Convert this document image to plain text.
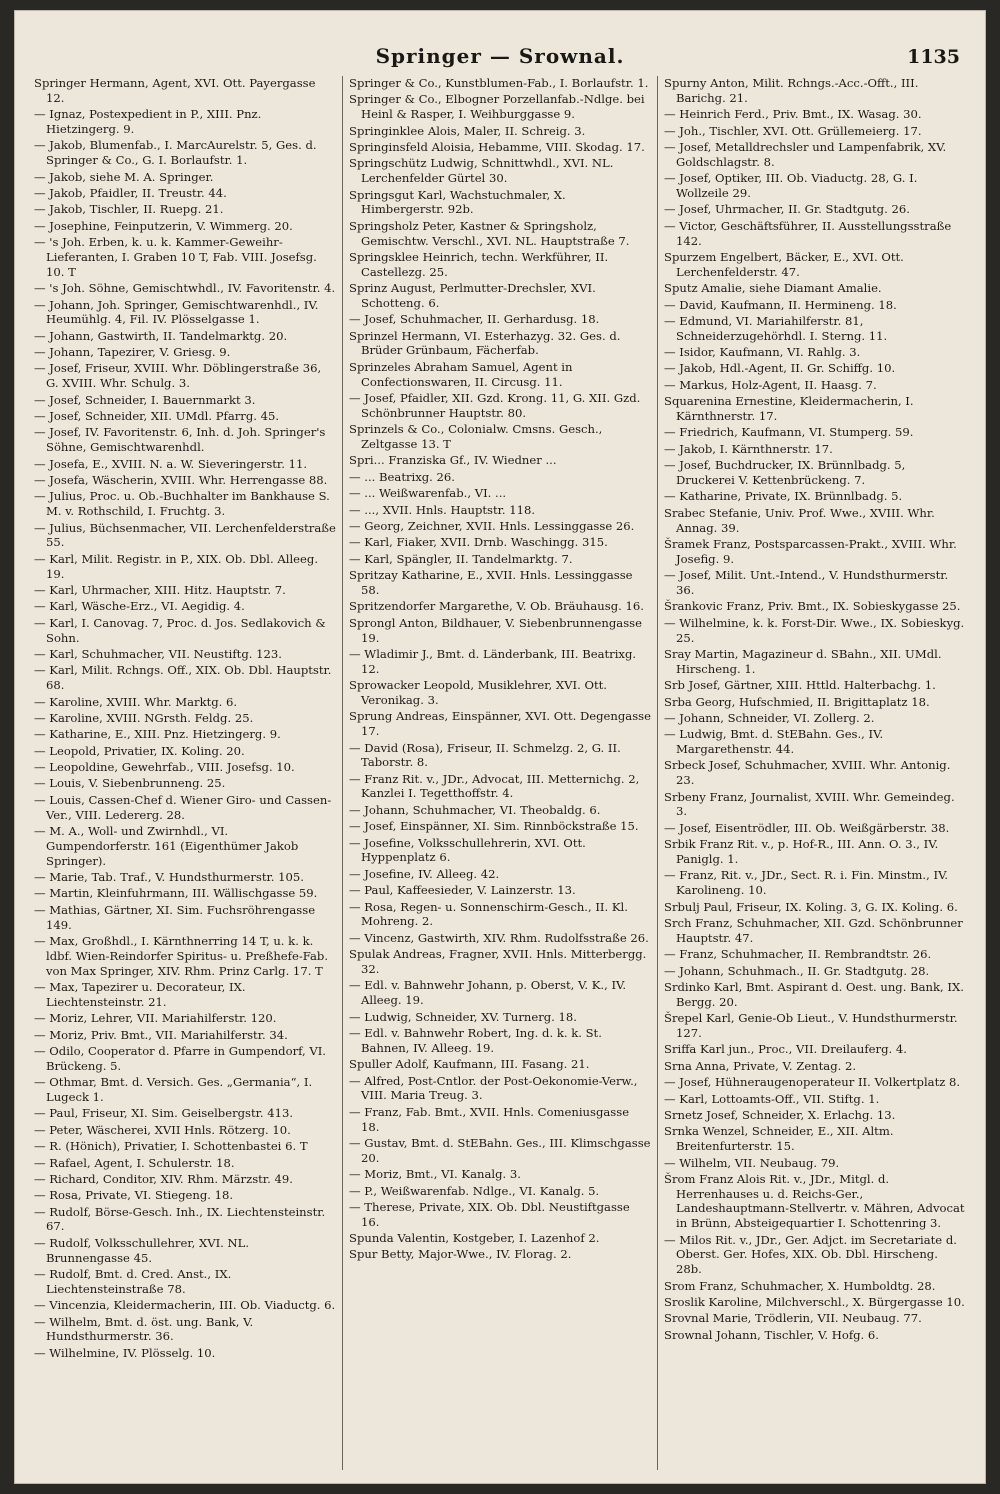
Springer — Srownal.	1135
Springer Hermann, Agent, XVI. Ott. Payergasse 12.
— Ignaz, Postexpedient in P., XIII. Pnz. Hietzingerg. 9.
— Jakob, Blumenfab., I. MarcAurelstr. 5, Ges. d. Springer & Co., G. I. Borlaufstr. 1.
— Jakob, siehe M. A. Springer.
— Jakob, Pfaidler, II. Treustr. 44.
— Jakob, Tischler, II. Ruepg. 21.
— Josephine, Feinputzerin, V. Wimmerg. 20.
— 's Joh. Erben, k. u. k. Kammer-Geweihr-Lieferanten, I. Graben 10 T, Fab. VIII. Josefsg. 10. T
— 's Joh. Söhne, Gemischtwhdl., IV. Favoritenstr. 4.
— Johann, Joh. Springer, Gemischtwarenhdl., IV. Heumühlg. 4, Fil. IV. Plösselgasse 1.
— Johann, Gastwirth, II. Tandelmarktg. 20.
— Johann, Tapezirer, V. Griesg. 9.
— Josef, Friseur, XVIII. Whr. Döblingerstraße 36, G. XVIII. Whr. Schulg. 3.
— Josef, Schneider, I. Bauernmarkt 3.
— Josef, Schneider, XII. UMdl. Pfarrg. 45.
— Josef, IV. Favoritenstr. 6, Inh. d. Joh. Springer's Söhne, Gemischtwarenhdl.
— Josefa, E., XVIII. N. a. W. Sieveringerstr. 11.
— Josefa, Wäscherin, XVIII. Whr. Herrengasse 88.
— Julius, Proc. u. Ob.-Buchhalter im Bankhause S. M. v. Rothschild, I. Fruchtg. 3.
— Julius, Büchsenmacher, VII. Lerchenfelderstraße 55.
— Karl, Milit. Registr. in P., XIX. Ob. Dbl. Alleeg. 19.
— Karl, Uhrmacher, XIII. Hitz. Hauptstr. 7.
— Karl, Wäsche-Erz., VI. Aegidig. 4.
— Karl, I. Canovag. 7, Proc. d. Jos. Sedlakovich & Sohn.
— Karl, Schuhmacher, VII. Neustiftg. 123.
— Karl, Milit. Rchngs. Off., XIX. Ob. Dbl. Hauptstr. 68.
— Karoline, XVIII. Whr. Marktg. 6.
— Karoline, XVIII. NGrsth. Feldg. 25.
— Katharine, E., XIII. Pnz. Hietzingerg. 9.
— Leopold, Privatier, IX. Koling. 20.
— Leopoldine, Gewehrfab., VIII. Josefsg. 10.
— Louis, V. Siebenbrunneng. 25.
— Louis, Cassen-Chef d. Wiener Giro- und Cassen-Ver., VIII. Ledererg. 28.
— M. A., Woll- und Zwirnhdl., VI. Gumpendorferstr. 161 (Eigenthümer Jakob Springer).
— Marie, Tab. Traf., V. Hundsthurmerstr. 105.
— Martin, Kleinfuhrmann, III. Wällischgasse 59.
— Mathias, Gärtner, XI. Sim. Fuchsröhrengasse 149.
— Max, Großhdl., I. Kärnthnerring 14 T, u. k. k. ldbf. Wien-Reindorfer Spiritus- u. Preßhefe-Fab. von Max Springer, XIV. Rhm. Prinz Carlg. 17. T
— Max, Tapezirer u. Decorateur, IX. Liechtensteinstr. 21.
— Moriz, Lehrer, VII. Mariahilferstr. 120.
— Moriz, Priv. Bmt., VII. Mariahilferstr. 34.
— Odilo, Cooperator d. Pfarre in Gumpendorf, VI. Brückeng. 5.
— Othmar, Bmt. d. Versich. Ges. „Germania“, I. Lugeck 1.
— Paul, Friseur, XI. Sim. Geiselbergstr. 413.
— Peter, Wäscherei, XVII Hnls. Rötzerg. 10.
— R. (Hönich), Privatier, I. Schottenbastei 6. T
— Rafael, Agent, I. Schulerstr. 18.
— Richard, Conditor, XIV. Rhm. Märzstr. 49.
— Rosa, Private, VI. Stiegeng. 18.
— Rudolf, Börse-Gesch. Inh., IX. Liechtensteinstr. 67.
— Rudolf, Volksschullehrer, XVI. NL. Brunnengasse 45.
— Rudolf, Bmt. d. Cred. Anst., IX. Liechtensteinstraße 78.
— Vincenzia, Kleidermacherin, III. Ob. Viaductg. 6.
— Wilhelm, Bmt. d. öst. ung. Bank, V. Hundsthurmerstr. 36.
— Wilhelmine, IV. Plösselg. 10.
Springer & Co., Kunstblumen-Fab., I. Borlaufstr. 1.
Springer & Co., Elbogner Porzellanfab.-Ndlge. bei Heinl & Rasper, I. Weihburggasse 9.
Springinklee Alois, Maler, II. Schreig. 3.
Springinsfeld Aloisia, Hebamme, VIII. Skodag. 17.
Springschütz Ludwig, Schnittwhdl., XVI. NL. Lerchenfelder Gürtel 30.
Springsgut Karl, Wachstuchmaler, X. Himbergerstr. 92b.
Springsholz Peter, Kastner & Springsholz, Gemischtw. Verschl., XVI. NL. Hauptstraße 7.
Springsklee Heinrich, techn. Werkführer, II. Castellezg. 25.
Sprinz August, Perlmutter-Drechsler, XVI. Schotteng. 6.
— Josef, Schuhmacher, II. Gerhardusg. 18.
Sprinzel Hermann, VI. Esterhazyg. 32. Ges. d. Brüder Grünbaum, Fächerfab.
Sprinzeles Abraham Samuel, Agent in Confectionswaren, II. Circusg. 11.
— Josef, Pfaidler, XII. Gzd. Krong. 11, G. XII. Gzd. Schönbrunner Hauptstr. 80.
Sprinzels & Co., Colonialw. Cmsns. Gesch., Zeltgasse 13. T
Spri... Franziska Gf., IV. Wiedner ...
— ... Beatrixg. 26.
— ... Weißwarenfab., VI. ...
— ..., XVII. Hnls. Hauptstr. 118.
— Georg, Zeichner, XVII. Hnls. Lessinggasse 26.
— Karl, Fiaker, XVII. Drnb. Waschingg. 315.
— Karl, Spängler, II. Tandelmarktg. 7.
Spritzay Katharine, E., XVII. Hnls. Lessinggasse 58.
Spritzendorfer Margarethe, V. Ob. Bräuhausg. 16.
Sprongl Anton, Bildhauer, V. Siebenbrunnengasse 19.
— Wladimir J., Bmt. d. Länderbank, III. Beatrixg. 12.
Sprowacker Leopold, Musiklehrer, XVI. Ott. Veronikag. 3.
Sprung Andreas, Einspänner, XVI. Ott. Degengasse 17.
— David (Rosa), Friseur, II. Schmelzg. 2, G. II. Taborstr. 8.
— Franz Rit. v., JDr., Advocat, III. Metternichg. 2, Kanzlei I. Tegetthoffstr. 4.
— Johann, Schuhmacher, VI. Theobaldg. 6.
— Josef, Einspänner, XI. Sim. Rinnböckstraße 15.
— Josefine, Volksschullehrerin, XVI. Ott. Hyppenplatz 6.
— Josefine, IV. Alleeg. 42.
— Paul, Kaffeesieder, V. Lainzerstr. 13.
— Rosa, Regen- u. Sonnenschirm-Gesch., II. Kl. Mohreng. 2.
— Vincenz, Gastwirth, XIV. Rhm. Rudolfsstraße 26.
Spulak Andreas, Fragner, XVII. Hnls. Mitterbergg. 32.
— Edl. v. Bahnwehr Johann, p. Oberst, V. K., IV. Alleeg. 19.
— Ludwig, Schneider, XV. Turnerg. 18.
— Edl. v. Bahnwehr Robert, Ing. d. k. k. St. Bahnen, IV. Alleeg. 19.
Spuller Adolf, Kaufmann, III. Fasang. 21.
— Alfred, Post-Cntlor. der Post-Oekonomie-Verw., VIII. Maria Treug. 3.
— Franz, Fab. Bmt., XVII. Hnls. Comeniusgasse 18.
— Gustav, Bmt. d. StEBahn. Ges., III. Klimschgasse 20.
— Moriz, Bmt., VI. Kanalg. 3.
— P., Weißwarenfab. Ndlge., VI. Kanalg. 5.
— Therese, Private, XIX. Ob. Dbl. Neustiftgasse 16.
Spunda Valentin, Kostgeber, I. Lazenhof 2.
Spur Betty, Major-Wwe., IV. Florag. 2.
Spurny Anton, Milit. Rchngs.-Acc.-Offt., III. Barichg. 21.
— Heinrich Ferd., Priv. Bmt., IX. Wasag. 30.
— Joh., Tischler, XVI. Ott. Grüllemeierg. 17.
— Josef, Metalldrechsler und Lampenfabrik, XV. Goldschlagstr. 8.
— Josef, Optiker, III. Ob. Viaductg. 28, G. I. Wollzeile 29.
— Josef, Uhrmacher, II. Gr. Stadtgutg. 26.
— Victor, Geschäftsführer, II. Ausstellungsstraße 142.
Spurzem Engelbert, Bäcker, E., XVI. Ott. Lerchenfelderstr. 47.
Sputz Amalie, siehe Diamant Amalie.
— David, Kaufmann, II. Hermineng. 18.
— Edmund, VI. Mariahilferstr. 81, Schneiderzugehörhdl. I. Sterng. 11.
— Isidor, Kaufmann, VI. Rahlg. 3.
— Jakob, Hdl.-Agent, II. Gr. Schiffg. 10.
— Markus, Holz-Agent, II. Haasg. 7.
Squarenina Ernestine, Kleidermacherin, I. Kärnthnerstr. 17.
— Friedrich, Kaufmann, VI. Stumperg. 59.
— Jakob, I. Kärnthnerstr. 17.
— Josef, Buchdrucker, IX. Brünnlbadg. 5, Druckerei V. Kettenbrückeng. 7.
— Katharine, Private, IX. Brünnlbadg. 5.
Srabec Stefanie, Univ. Prof. Wwe., XVIII. Whr. Annag. 39.
Šramek Franz, Postsparcassen-Prakt., XVIII. Whr. Josefig. 9.
— Josef, Milit. Unt.-Intend., V. Hundsthurmerstr. 36.
Šrankovic Franz, Priv. Bmt., IX. Sobieskygasse 25.
— Wilhelmine, k. k. Forst-Dir. Wwe., IX. Sobieskyg. 25.
Sray Martin, Magazineur d. SBahn., XII. UMdl. Hirscheng. 1.
Srb Josef, Gärtner, XIII. Httld. Halterbachg. 1.
Srba Georg, Hufschmied, II. Brigittaplatz 18.
— Johann, Schneider, VI. Zollerg. 2.
— Ludwig, Bmt. d. StEBahn. Ges., IV. Margarethenstr. 44.
Srbeck Josef, Schuhmacher, XVIII. Whr. Antonig. 23.
Srbeny Franz, Journalist, XVIII. Whr. Gemeindeg. 3.
— Josef, Eisentrödler, III. Ob. Weißgärberstr. 38.
Srbik Franz Rit. v., p. Hof-R., III. Ann. O. 3., IV. Paniglg. 1.
— Franz, Rit. v., JDr., Sect. R. i. Fin. Minstm., IV. Karolineng. 10.
Srbulj Paul, Friseur, IX. Koling. 3, G. IX. Koling. 6.
Srch Franz, Schuhmacher, XII. Gzd. Schönbrunner Hauptstr. 47.
— Franz, Schuhmacher, II. Rembrandtstr. 26.
— Johann, Schuhmach., II. Gr. Stadtgutg. 28.
Srdinko Karl, Bmt. Aspirant d. Oest. ung. Bank, IX. Bergg. 20.
Šrepel Karl, Genie-Ob Lieut., V. Hundsthurmerstr. 127.
Sriffa Karl jun., Proc., VII. Dreilauferg. 4.
Srna Anna, Private, V. Zentag. 2.
— Josef, Hühneraugenoperateur II. Volkertplatz 8.
— Karl, Lottoamts-Off., VII. Stiftg. 1.
Srnetz Josef, Schneider, X. Erlachg. 13.
Srnka Wenzel, Schneider, E., XII. Altm. Breitenfurterstr. 15.
— Wilhelm, VII. Neubaug. 79.
Šrom Franz Alois Rit. v., JDr., Mitgl. d. Herrenhauses u. d. Reichs-Ger., Landeshauptmann-Stellvertr. v. Mähren, Advocat in Brünn, Absteigequartier I. Schottenring 3.
— Milos Rit. v., JDr., Ger. Adjct. im Secretariate d. Oberst. Ger. Hofes, XIX. Ob. Dbl. Hirscheng. 28b.
Srom Franz, Schuhmacher, X. Humboldtg. 28.
Sroslik Karoline, Milchverschl., X. Bürgergasse 10.
Srovnal Marie, Trödlerin, VII. Neubaug. 77.
Srownal Johann, Tischler, V. Hofg. 6.
